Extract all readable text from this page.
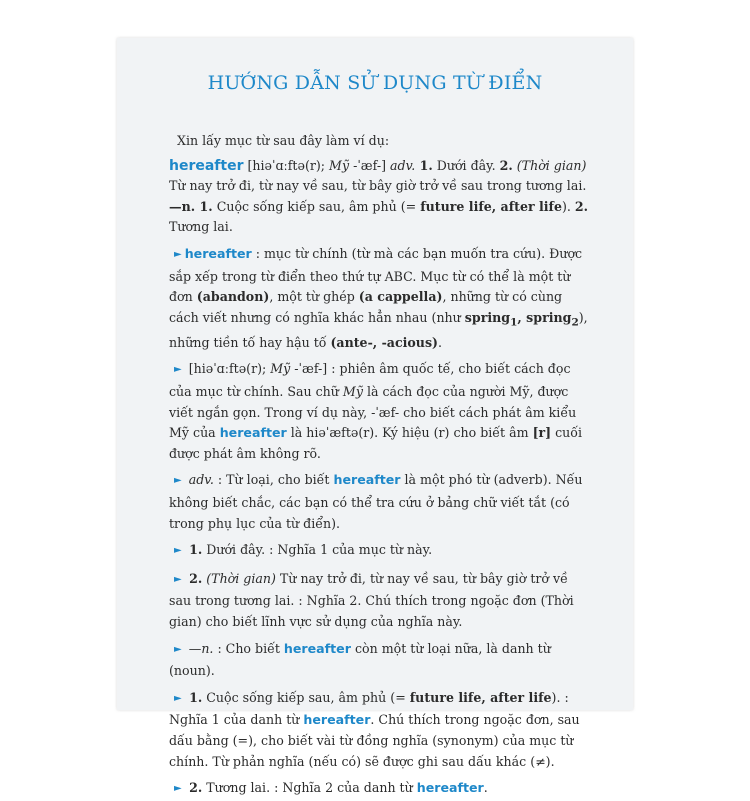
HƯỚNG DẪN SỬ DỤNG TỪ ĐIỂN

Xin lấy mục từ sau đây làm ví dụ:

hereafter [hiəˈɑːftə(r); Mỹ -ˈæf-] adv. 1. Dưới đây. 2. (Thời gian) Từ nay trở đi, từ nay về sau, từ bây giờ trở về sau trong tương lai. —n. 1. Cuộc sống kiếp sau, âm phủ (= future life, after life). 2. Tương lai.

► hereafter : mục từ chính (từ mà các bạn muốn tra cứu). Được sắp xếp trong từ điển theo thứ tự ABC. Mục từ có thể là một từ đơn (abandon), một từ ghép (a cappella), những từ có cùng cách viết nhưng có nghĩa khác hẳn nhau (như spring$_1$, spring$_2$), những tiền tố hay hậu tố (ante-, -acious).

► [hiəˈɑːftə(r); Mỹ -ˈæf-] : phiên âm quốc tế, cho biết cách đọc của mục từ chính. Sau chữ Mỹ là cách đọc của người Mỹ, được viết ngắn gọn. Trong ví dụ này, -ˈæf- cho biết cách phát âm kiểu Mỹ của hereafter là hiəˈæftə(r). Ký hiệu (r) cho biết âm [r] cuối được phát âm không rõ.

► adv. : Từ loại, cho biết hereafter là một phó từ (adverb). Nếu không biết chắc, các bạn có thể tra cứu ở bảng chữ viết tắt (có trong phụ lục của từ điển).

► 1. Dưới đây. : Nghĩa 1 của mục từ này.

► 2. (Thời gian) Từ nay trở đi, từ nay về sau, từ bây giờ trở về sau trong tương lai. : Nghĩa 2. Chú thích trong ngoặc đơn (Thời gian) cho biết lĩnh vực sử dụng của nghĩa này.

► —n. : Cho biết hereafter còn một từ loại nữa, là danh từ (noun).

► 1. Cuộc sống kiếp sau, âm phủ (= future life, after life). : Nghĩa 1 của danh từ hereafter. Chú thích trong ngoặc đơn, sau dấu bằng (=), cho biết vài từ đồng nghĩa (synonym) của mục từ chính. Từ phản nghĩa (nếu có) sẽ được ghi sau dấu khác (≠).

► 2. Tương lai. : Nghĩa 2 của danh từ hereafter.
